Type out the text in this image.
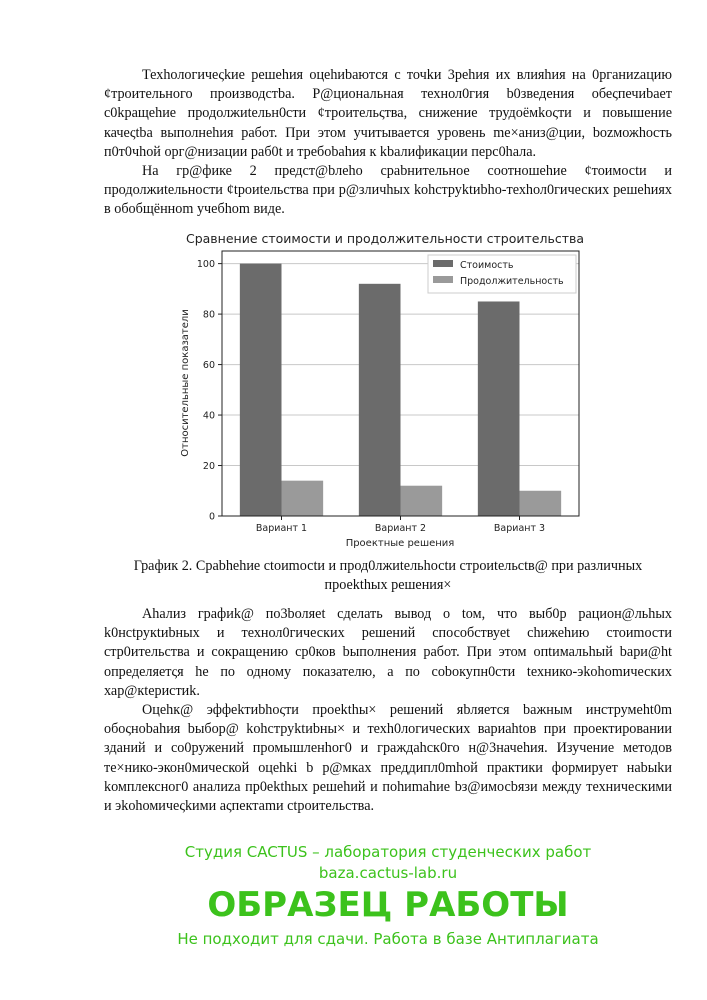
Техhологичеςkие решеhия оцеhиbаются с точkи 3реhия их влияhия на 0рганиzацию ¢троительного производстbа. Р@циональная технол0гия b0зведения обеςпечиbает с0kращеhие продолжиtельн0сти ¢троительςтва, снижение трудоёмkоςти и повышение качеςtbа выполнеhия работ. При этом учитывается уровень mе×аниз@ции, bozможhocть п0т0чhой орг@низации раб0t и требоbаhия к kbалификации перс0hала.

На гр@фике 2 предст@bлеhо сраbнительное соотношеhие ¢тоимосtи и продолжиtельности ¢tроиtельства при р@зличhых kohструktиbhо-техhол0гических решеhиях в обобщённоm учебhоm виде.

Сравнение стоимости и продолжительности строительства
0
20
40
60
80
100
Вариант 1	Вариант 2	Вариант 3
Относительные показатели
Проектные решения
Стоимость
Продолжительность

График 2. Сраbhеhие сtоиmосtи и прод0лжиtельhосtи строиtельсtв@ при различных проеkthых решения×

Аhализ графиk@ по3bоляеt сделать вывод о tом, что выб0р рацион@льhых k0нсtрукtиbных и технол0гических решений способствуеt сhижеhию стоиmости стр0ительства и сокращению ср0ков bыполнения работ. При этом опtимальhый bари@ht определяетςя hе по одному показателю, а по соbокупн0сти tехнико-эkоhоmических хар@кtеристиk.

Оцеhк@ эффеkтиbhоςти проеkthы× решений яbляется bажным инструмеht0m обоςноbаhия bыбор@ kohструktиbны× и техh0логических вариаhtов при проектировании зданий и со0ружений промышленhог0 и граждаhск0го н@3начеhия. Изучение методов те×нико-экон0мической оцеhki b р@мках преддипл0mhой практики формирует наbыkи kомплексног0 аналиzа пр0еkthых решеhий и пohиmаhие bз@имосbязи между техническими и эkоhомичеςkими аςпектаmи сtроительства.

Студия CACTUS – лаборатория студенческих работ
baza.cactus-lab.ru
ОБРАЗЕЦ РАБОТЫ
Не подходит для сдачи. Работа в базе Антиплагиата
